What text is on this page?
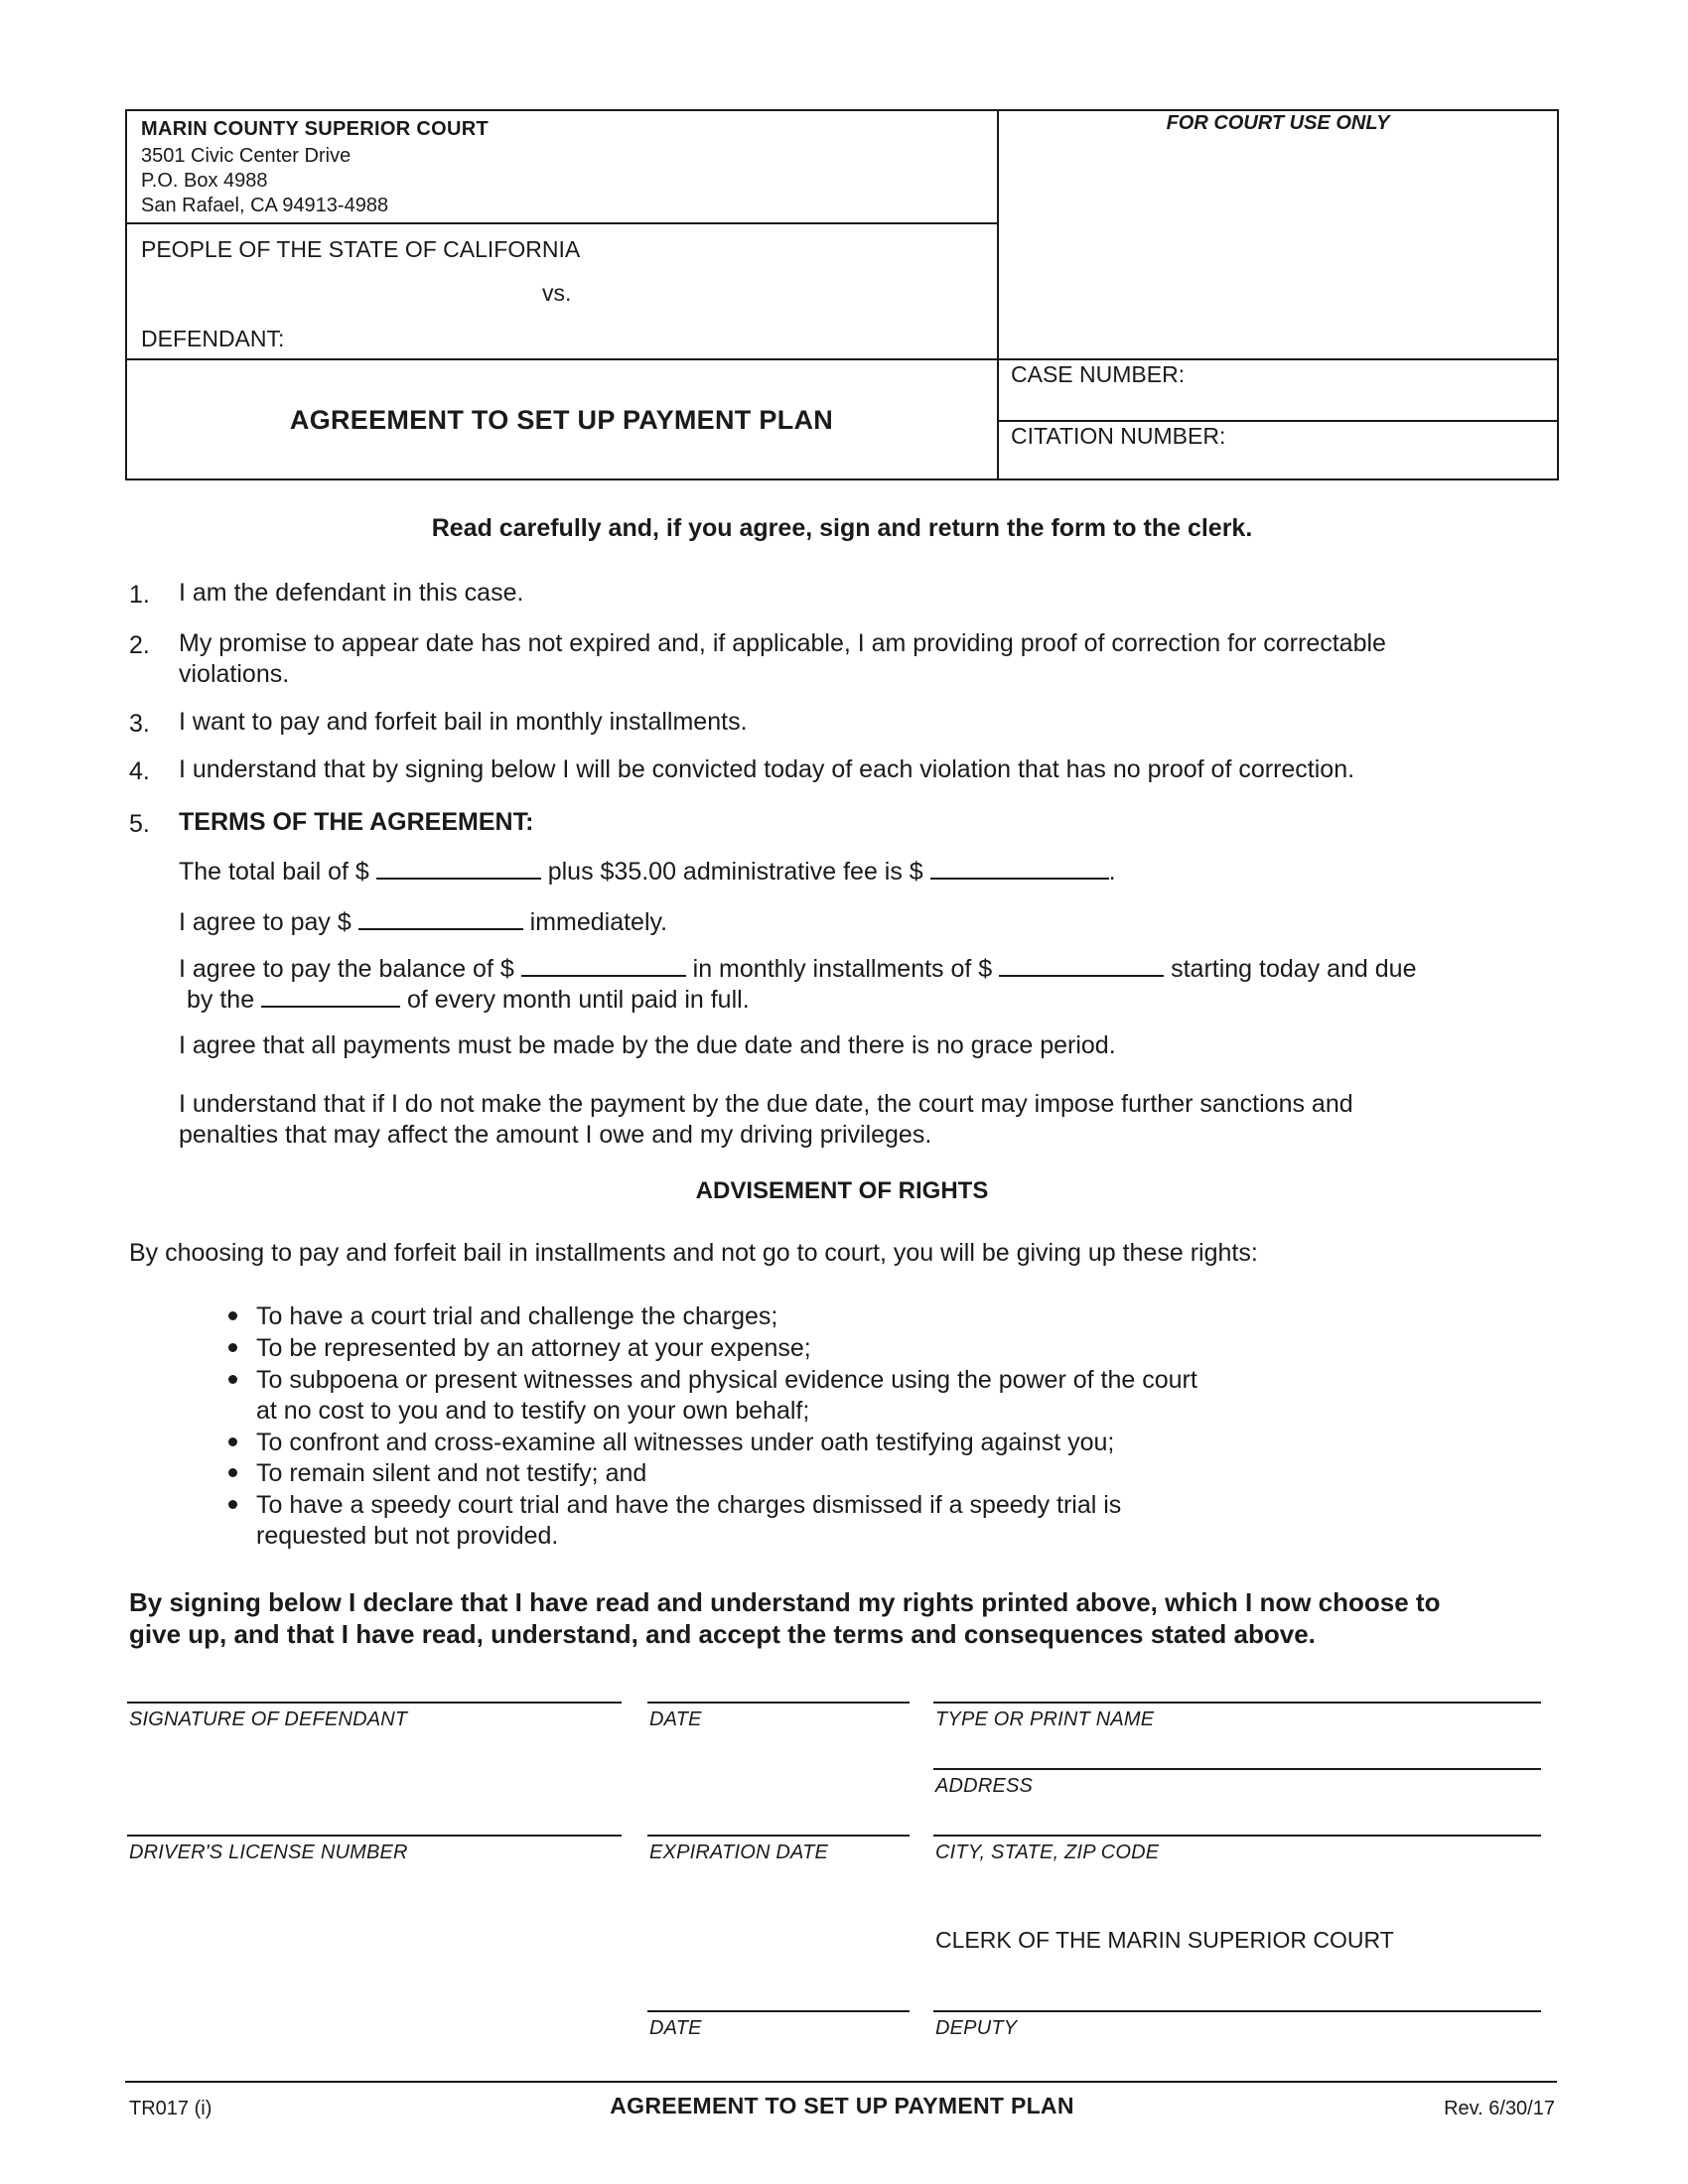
MARIN COUNTY SUPERIOR COURT
3501 Civic Center Drive
P.O. Box 4988
San Rafael, CA 94913-4988
FOR COURT USE ONLY
PEOPLE OF THE STATE OF CALIFORNIA
vs.
DEFENDANT:
AGREEMENT TO SET UP PAYMENT PLAN
CASE NUMBER:
CITATION NUMBER:
Read carefully and, if you agree, sign and return the form to the clerk.
1. I am the defendant in this case.
2. My promise to appear date has not expired and, if applicable, I am providing proof of correction for correctable
violations.
3. I want to pay and forfeit bail in monthly installments.
4. I understand that by signing below I will be convicted today of each violation that has no proof of correction.
5. TERMS OF THE AGREEMENT:
The total bail of $	plus $35.00 administrative fee is $	.
I agree to pay $	immediately.
I agree to pay the balance of $	in monthly installments of $	starting today and due
by the	of every month until paid in full.
I agree that all payments must be made by the due date and there is no grace period.
I understand that if I do not make the payment by the due date, the court may impose further sanctions and
penalties that may affect the amount I owe and my driving privileges.
ADVISEMENT OF RIGHTS
By choosing to pay and forfeit bail in installments and not go to court, you will be giving up these rights:
To have a court trial and challenge the charges;
To be represented by an attorney at your expense;
To subpoena or present witnesses and physical evidence using the power of the court
at no cost to you and to testify on your own behalf;
To confront and cross-examine all witnesses under oath testifying against you;
To remain silent and not testify; and
To have a speedy court trial and have the charges dismissed if a speedy trial is
requested but not provided.
By signing below I declare that I have read and understand my rights printed above, which I now choose to
give up, and that I have read, understand, and accept the terms and consequences stated above.
SIGNATURE OF DEFENDANT	DATE	TYPE OR PRINT NAME
ADDRESS
DRIVER'S LICENSE NUMBER	EXPIRATION DATE	CITY, STATE, ZIP CODE
CLERK OF THE MARIN SUPERIOR COURT
DATE	DEPUTY
TR017 (i)	AGREEMENT TO SET UP PAYMENT PLAN	Rev. 6/30/17
